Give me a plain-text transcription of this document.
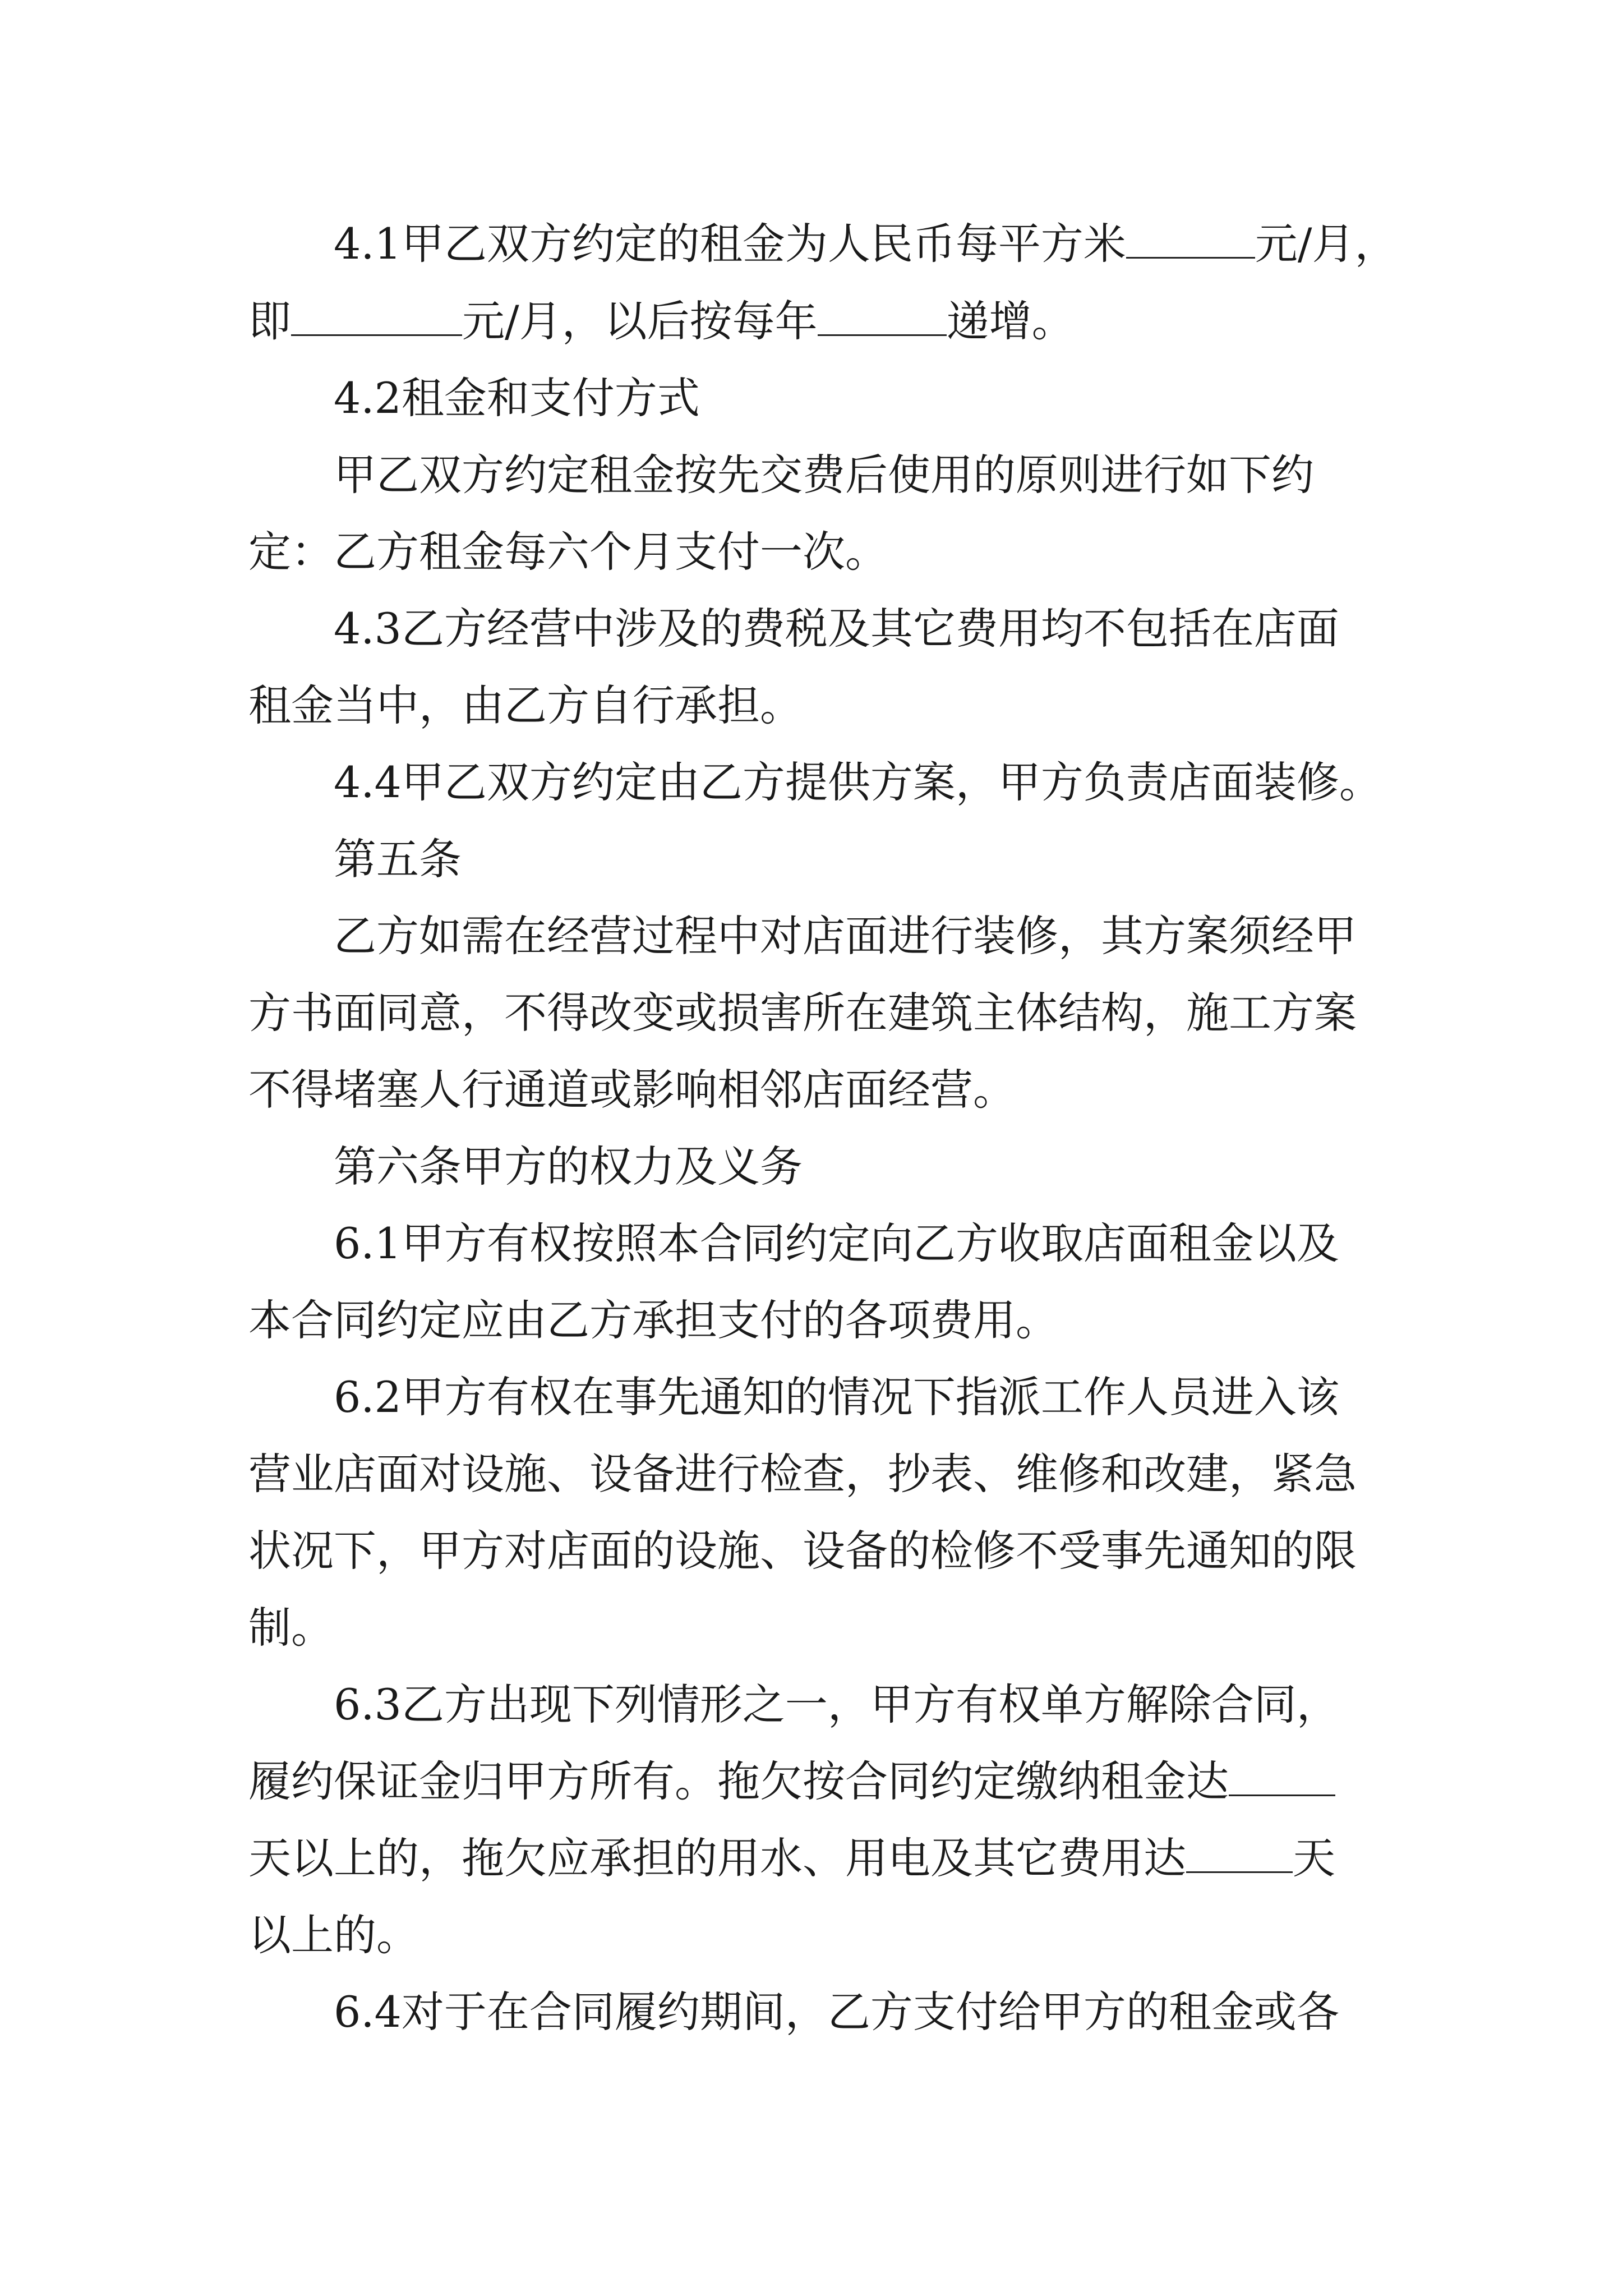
4.1甲乙双方约定的租金为人民币每平方米	元/月，
即	元/月，以后按每年	递增。
4.2租金和支付方式
甲乙双方约定租金按先交费后使用的原则进行如下约
定：乙方租金每六个月支付一次。
4.3乙方经营中涉及的费税及其它费用均不包括在店面
租金当中，由乙方自行承担。
4.4甲乙双方约定由乙方提供方案，甲方负责店面装修。
第五条
乙方如需在经营过程中对店面进行装修，其方案须经甲
方书面同意，不得改变或损害所在建筑主体结构，施工方案
不得堵塞人行通道或影响相邻店面经营。
第六条甲方的权力及义务
6.1甲方有权按照本合同约定向乙方收取店面租金以及
本合同约定应由乙方承担支付的各项费用。
6.2甲方有权在事先通知的情况下指派工作人员进入该
营业店面对设施、设备进行检查，抄表、维修和改建，紧急
状况下，甲方对店面的设施、设备的检修不受事先通知的限
制。
6.3乙方出现下列情形之一，甲方有权单方解除合同，
履约保证金归甲方所有。拖欠按合同约定缴纳租金达
天以上的，拖欠应承担的用水、用电及其它费用达	天
以上的。
6.4对于在合同履约期间，乙方支付给甲方的租金或各
